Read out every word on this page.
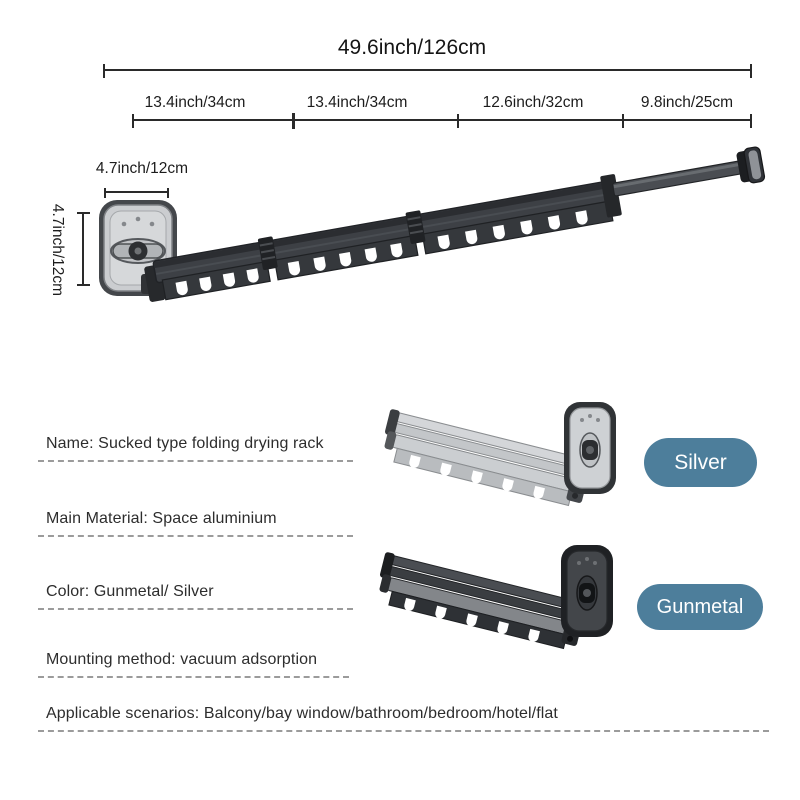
49.6inch/126cm
13.4inch/34cm	13.4inch/34cm	12.6inch/32cm	9.8inch/25cm
4.7inch/12cm
4.7inch/12cm
Name: Sucked type folding drying rack
Main Material: Space aluminium
Color: Gunmetal/ Silver
Mounting method: vacuum adsorption
Applicable scenarios: Balcony/bay window/bathroom/bedroom/hotel/flat
Silver
Gunmetal
